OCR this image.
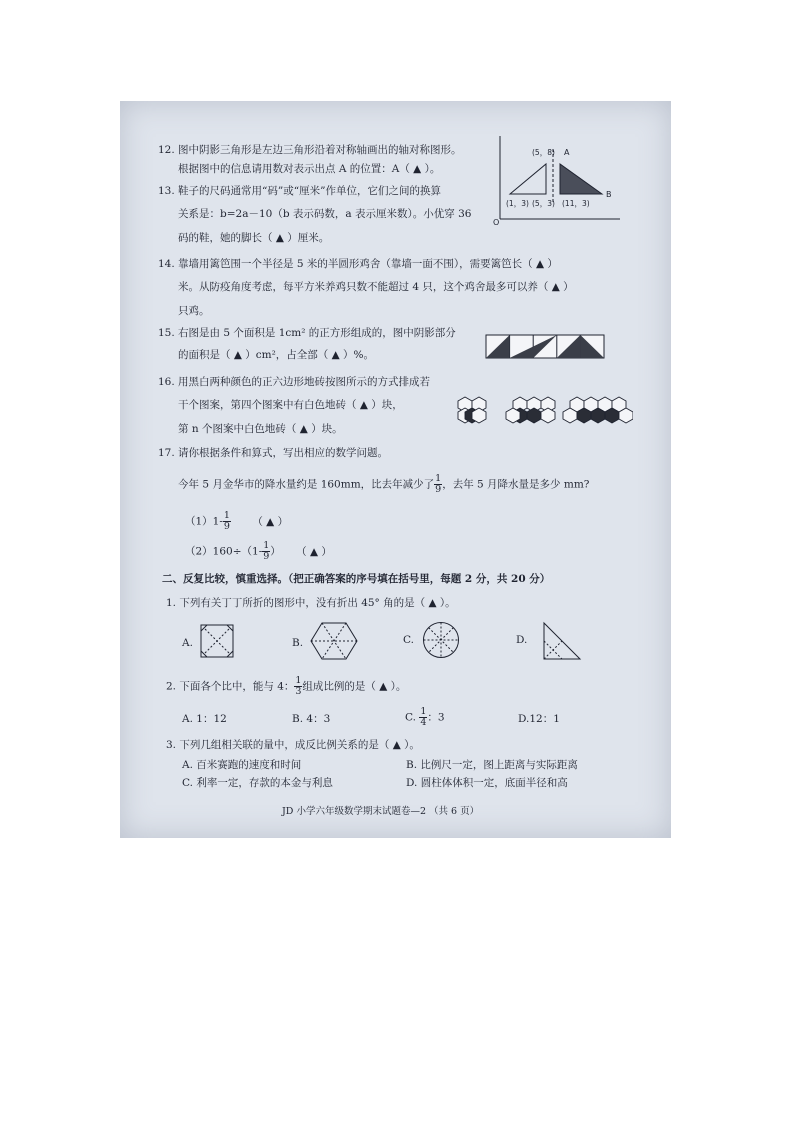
12. 图中阴影三角形是左边三角形沿着对称轴画出的轴对称图形。
根据图中的信息请用数对表示出点 A 的位置：A（ ▲ ）。
(5，8) A
B
(1，3) (5，3) (11，3)
O
13. 鞋子的尺码通常用“码”或“厘米”作单位，它们之间的换算
关系是：b=2a－10（b 表示码数，a 表示厘米数）。小优穿 36
码的鞋，她的脚长（ ▲ ）厘米。
14. 靠墙用篱笆围一个半径是 5 米的半圆形鸡舍（靠墙一面不围），需要篱笆长（ ▲ ）
米。从防疫角度考虑，每平方米养鸡只数不能超过 4 只，这个鸡舍最多可以养（ ▲ ）
只鸡。
15. 右图是由 5 个面积是 1cm² 的正方形组成的，图中阴影部分
的面积是（ ▲ ）cm²，占全部（ ▲ ）%。
16. 用黑白两种颜色的正六边形地砖按图所示的方式排成若
干个图案，第四个图案中有白色地砖（ ▲ ）块，
第 n 个图案中白色地砖（ ▲ ）块。
17. 请你根据条件和算式，写出相应的数学问题。
今年 5 月金华市的降水量约是 160mm，比去年减少了 $\frac{1}{9}$ ，去年 5 月降水量是多少 mm?
$(1)1- \frac{1}{9}$ （ ▲ ）
$(2)160\div(1- \frac{1}{9}$ ） （ ▲ ）
二、反复比较，慎重选择。（把正确答案的序号填在括号里，每题 2 分，共 20 分）
1. 下列有关丁丁所折的图形中，没有折出 45° 角的是（ ▲ ）。
A.	B.	C.	D.
2. 下面各个比中，能与 4： $\frac{1}{3}$ 组成比例的是（ ▲ ）。
A. 1：12	B. 4：3	C. $\frac{1}{4}$ ：3	D.12：1
3. 下列几组相关联的量中，成反比例关系的是（ ▲ ）。
A. 百米赛跑的速度和时间	B. 比例尺一定，图上距离与实际距离
C. 利率一定，存款的本金与利息	D. 圆柱体体积一定，底面半径和高
JD 小学六年级数学期末试题卷—2 （共 6 页）
